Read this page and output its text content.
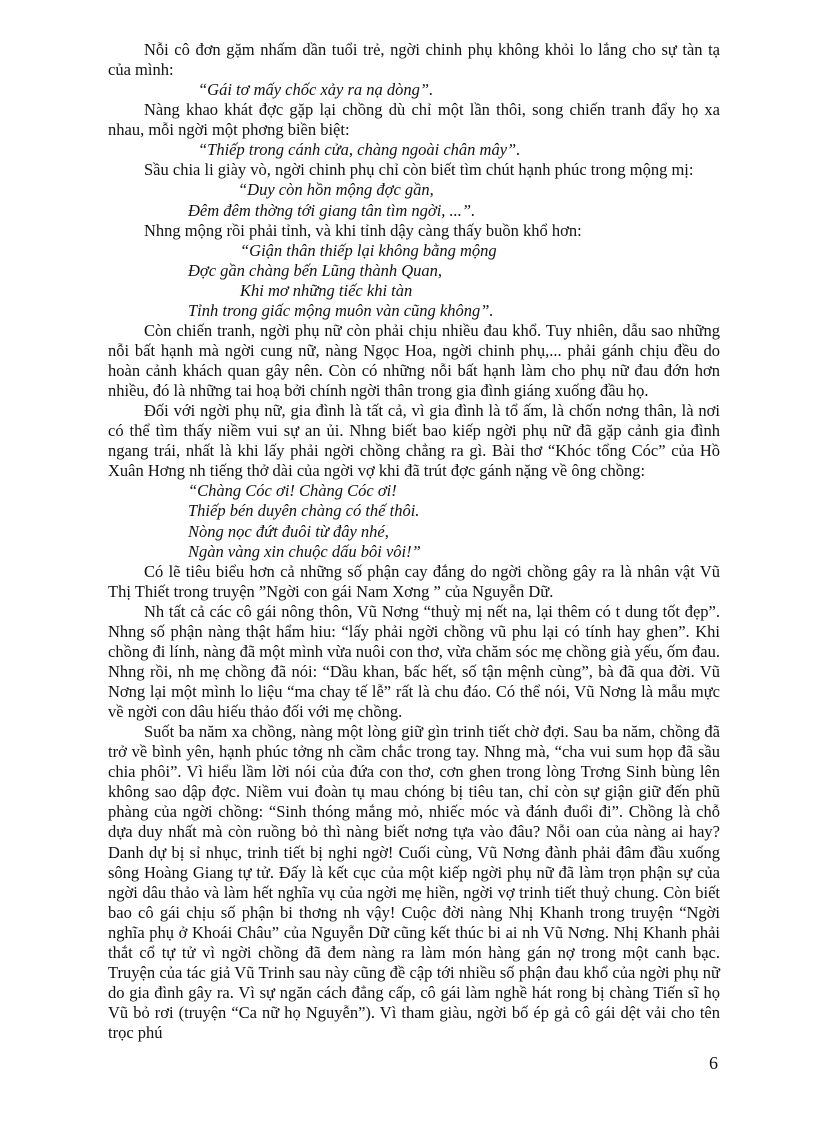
Nỗi cô đơn gặm nhấm dần tuổi trẻ, ngời chinh phụ không khỏi lo lắng cho sự tàn tạ của mình:

“Gái tơ mấy chốc xảy ra nạ dòng”.

Nàng khao khát đợc gặp lại chồng dù chỉ một lần thôi, song chiến tranh đẩy họ xa nhau, mỗi ngời một phơng biền biệt:

“Thiếp trong cánh cửa, chàng ngoài chân mây”.

Sầu chia li giày vò, ngời chinh phụ chỉ còn biết tìm chút hạnh phúc trong mộng mị:

“Duy còn hồn mộng đợc gần,

Đêm đêm thờng tới giang tân tìm ngời, ...”.

Nhng mộng rồi phải tỉnh, và khi tỉnh dậy càng thấy buồn khổ hơn:

“Giận thân thiếp lại không bằng mộng

Đợc gần chàng bến Lũng thành Quan,

Khi mơ những tiếc khi tàn

Tỉnh trong giấc mộng muôn vàn cũng không”.

Còn chiến tranh, ngời phụ nữ còn phải chịu nhiều đau khổ. Tuy nhiên, dẫu sao những nỗi bất hạnh mà ngời cung nữ, nàng Ngọc Hoa, ngời chinh phụ,... phải gánh chịu đều do hoàn cảnh khách quan gây nên. Còn có những nỗi bất hạnh làm cho phụ nữ đau đớn hơn nhiều, đó là những tai hoạ bởi chính ngời thân trong gia đình giáng xuống đầu họ.

Đối với ngời phụ nữ, gia đình là tất cả, vì gia đình là tổ ấm, là chốn nơng thân, là nơi có thể tìm thấy niềm vui sự an ủi. Nhng biết bao kiếp ngời phụ nữ đã gặp cảnh gia đình ngang trái, nhất là khi lấy phải ngời chồng chẳng ra gì. Bài thơ “Khóc tổng Cóc” của Hồ Xuân Hơng nh tiếng thở dài của ngời vợ khi đã trút đợc gánh nặng về ông chồng:

“Chàng Cóc ơi! Chàng Cóc ơi!

Thiếp bén duyên chàng có thế thôi.

Nòng nọc đứt đuôi từ đây nhé,

Ngàn vàng xin chuộc dấu bôi vôi!”

Có lẽ tiêu biểu hơn cả những số phận cay đắng do ngời chồng gây ra là nhân vật Vũ Thị Thiết trong truyện ”Ngời con gái Nam Xơng ” của Nguyễn Dữ.

Nh tất cả các cô gái nông thôn, Vũ Nơng “thuỳ mị nết na, lại thêm có t dung tốt đẹp”. Nhng số phận nàng thật hẩm hiu: “lấy phải ngời chồng vũ phu lại có tính hay ghen”. Khi chồng đi lính, nàng đã một mình vừa nuôi con thơ, vừa chăm sóc mẹ chồng già yếu, ốm đau. Nhng rồi, nh mẹ chồng đã nói: “Dầu khan, bấc hết, số tận mệnh cùng”, bà đã qua đời. Vũ Nơng lại một mình lo liệu “ma chay tế lễ” rất là chu đáo. Có thể nói, Vũ Nơng là mẫu mực về ngời con dâu hiếu thảo đối với mẹ chồng.

Suốt ba năm xa chồng, nàng một lòng giữ gìn trinh tiết chờ đợi. Sau ba năm, chồng đã trở về bình yên, hạnh phúc tởng nh cầm chắc trong tay. Nhng mà, “cha vui sum họp đã sầu chia phôi”. Vì hiểu lầm lời nói của đứa con thơ, cơn ghen trong lòng Trơng Sinh bùng lên không sao dập đợc. Niềm vui đoàn tụ mau chóng bị tiêu tan, chỉ còn sự giận giữ đến phũ phàng của ngời chồng: “Sinh thóng mắng mỏ, nhiếc móc và đánh đuổi đi”. Chồng là chỗ dựa duy nhất mà còn ruồng bỏ thì nàng biết nơng tựa vào đâu? Nỗi oan của nàng ai hay? Danh dự bị sỉ nhục, trinh tiết bị nghi ngờ! Cuối cùng, Vũ Nơng đành phải đâm đầu xuống sông Hoàng Giang tự tử. Đấy là kết cục của một kiếp ngời phụ nữ đã làm trọn phận sự của ngời dâu thảo và làm hết nghĩa vụ của ngời mẹ hiền, ngời vợ trinh tiết thuỷ chung. Còn biết bao cô gái chịu số phận bi thơng nh vậy! Cuộc đời nàng Nhị Khanh trong truyện “Ngời nghĩa phụ ở Khoái Châu” của Nguyễn Dữ cũng kết thúc bi ai nh Vũ Nơng. Nhị Khanh phải thắt cổ tự tử vì ngời chồng đã đem nàng ra làm món hàng gán nợ trong một canh bạc. Truyện của tác giả Vũ Trinh sau này cũng đề cập tới nhiều số phận đau khổ của ngời phụ nữ do gia đình gây ra. Vì sự ngăn cách đẳng cấp, cô gái làm nghề hát rong bị chàng Tiến sĩ họ Vũ bỏ rơi (truyện “Ca nữ họ Nguyễn”). Vì tham giàu, ngời bố ép gả cô gái dệt vải cho tên trọc phú

6
